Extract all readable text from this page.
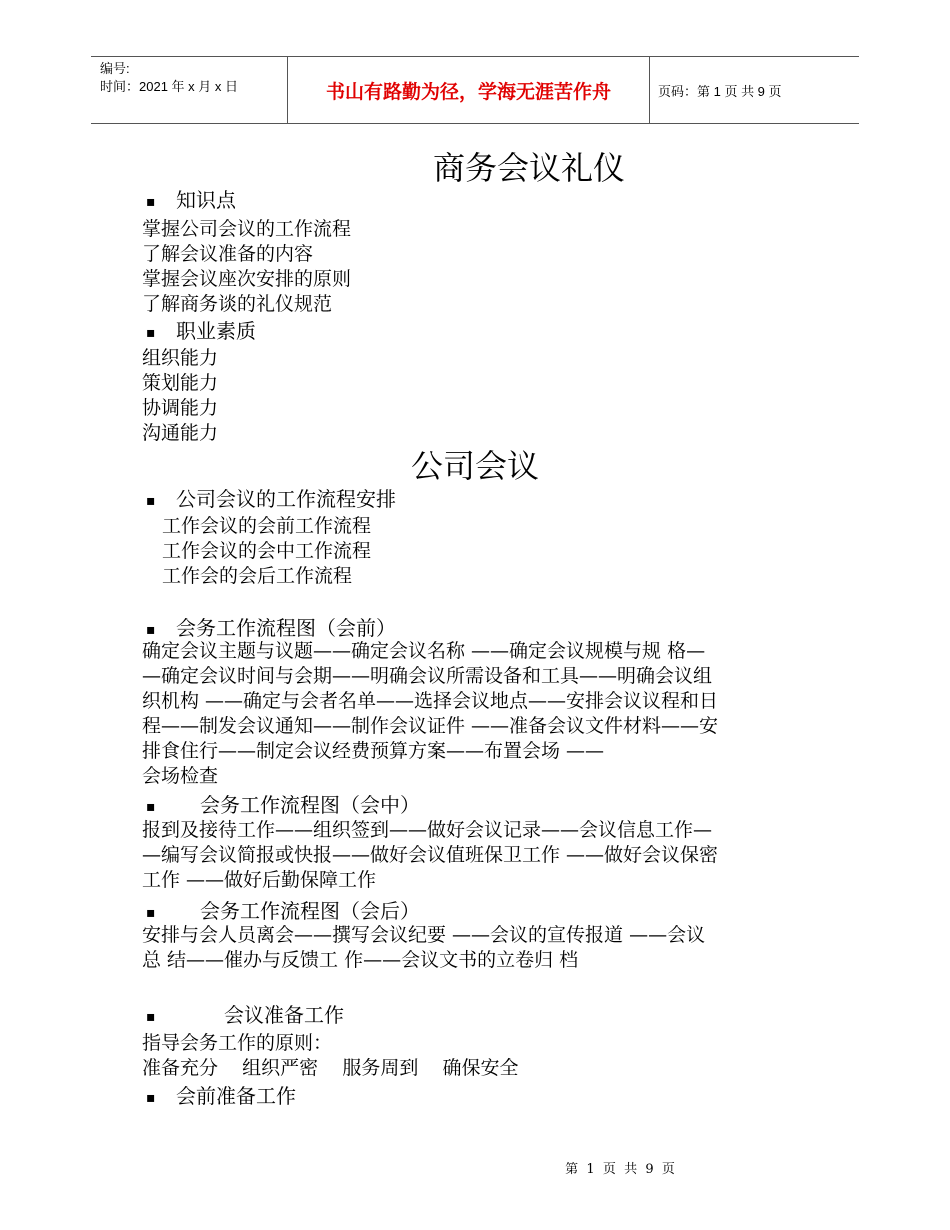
编号:
时间：2021 年 x 月 x 日	书山有路勤为径，学海无涯苦作舟	页码：第 1 页 共 9 页
商务会议礼仪
▪ 知识点
掌握公司会议的工作流程
了解会议准备的内容
掌握会议座次安排的原则
了解商务谈的礼仪规范
▪ 职业素质
组织能力
策划能力
协调能力
沟通能力
公司会议
▪ 公司会议的工作流程安排
工作会议的会前工作流程
工作会议的会中工作流程
工作会的会后工作流程
▪ 会务工作流程图（会前）
确定会议主题与议题——确定会议名称 ——确定会议规模与规 格—
—确定会议时间与会期——明确会议所需设备和工具——明确会议组
织机构 ——确定与会者名单——选择会议地点——安排会议议程和日
程——制发会议通知——制作会议证件 ——准备会议文件材料——安
排食住行——制定会议经费预算方案——布置会场 ——
会场检查
▪ 会务工作流程图（会中）
报到及接待工作——组织签到——做好会议记录——会议信息工作—
—编写会议简报或快报——做好会议值班保卫工作 ——做好会议保密
工作 ——做好后勤保障工作
▪ 会务工作流程图（会后）
安排与会人员离会——撰写会议纪要 ——会议的宣传报道 ——会议
总 结——催办与反馈工 作——会议文书的立卷归 档
▪	会议准备工作
指导会务工作的原则：
准备充分    组织严密    服务周到    确保安全
▪ 会前准备工作
第  1  页  共  9  页
